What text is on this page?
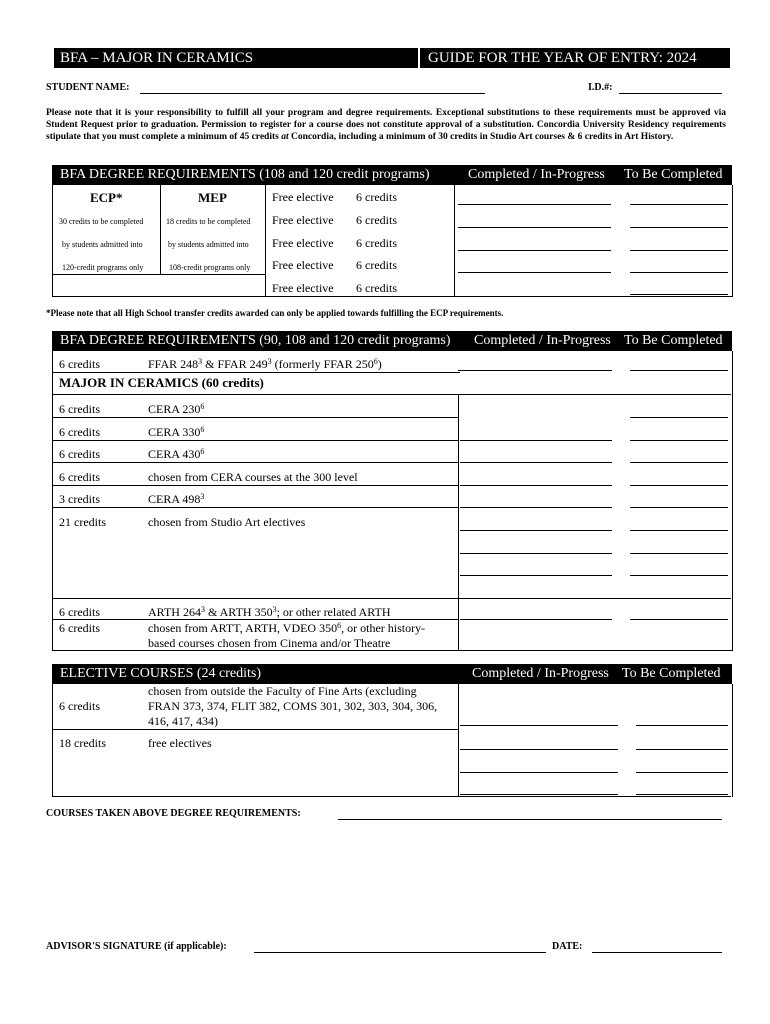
BFA – MAJOR IN CERAMICS	GUIDE FOR THE YEAR OF ENTRY: 2024
STUDENT NAME:	I.D.#:
Please note that it is your responsibility to fulfill all your program and degree requirements. Exceptional substitutions to these requirements must be approved via Student Request prior to graduation. Permission to register for a course does not constitute approval of a substitution. Concordia University Residency requirements stipulate that you must complete a minimum of 45 credits at Concordia, including a minimum of 30 credits in Studio Art courses & 6 credits in Art History.
BFA DEGREE REQUIREMENTS (108 and 120 credit programs)	Completed / In-Progress To Be Completed
ECP*	MEP
30 credits to be completed
by students admitted into
120-credit programs only
18 credits to be completed
by students admitted into
108-credit programs only
Free elective 6 credits
Free elective 6 credits
Free elective 6 credits
Free elective 6 credits
Free elective 6 credits
*Please note that all High School transfer credits awarded can only be applied towards fulfilling the ECP requirements.
BFA DEGREE REQUIREMENTS (90, 108 and 120 credit programs) Completed / In-Progress To Be Completed
6 credits	FFAR $248^3$ & FFAR $249^3$ (formerly FFAR $250^6$)
MAJOR IN CERAMICS (60 credits)
6 credits	CERA $230^6$
6 credits	CERA $330^6$
6 credits	CERA $430^6$
6 credits	chosen from CERA courses at the 300 level
3 credits	CERA $498^3$
21 credits	chosen from Studio Art electives
6 credits	ARTH $264^3$ & ARTH $350^3$; or other related ARTH
6 credits	chosen from ARTT, ARTH, VDEO $350^6$, or other history-
based courses chosen from Cinema and/or Theatre
ELECTIVE COURSES (24 credits)	Completed / In-Progress To Be Completed
chosen from outside the Faculty of Fine Arts (excluding
6 credits	FRAN 373, 374, FLIT 382, COMS 301, 302, 303, 304, 306,
416, 417, 434)
18 credits	free electives
COURSES TAKEN ABOVE DEGREE REQUIREMENTS:
ADVISOR'S SIGNATURE (if applicable):	DATE:
